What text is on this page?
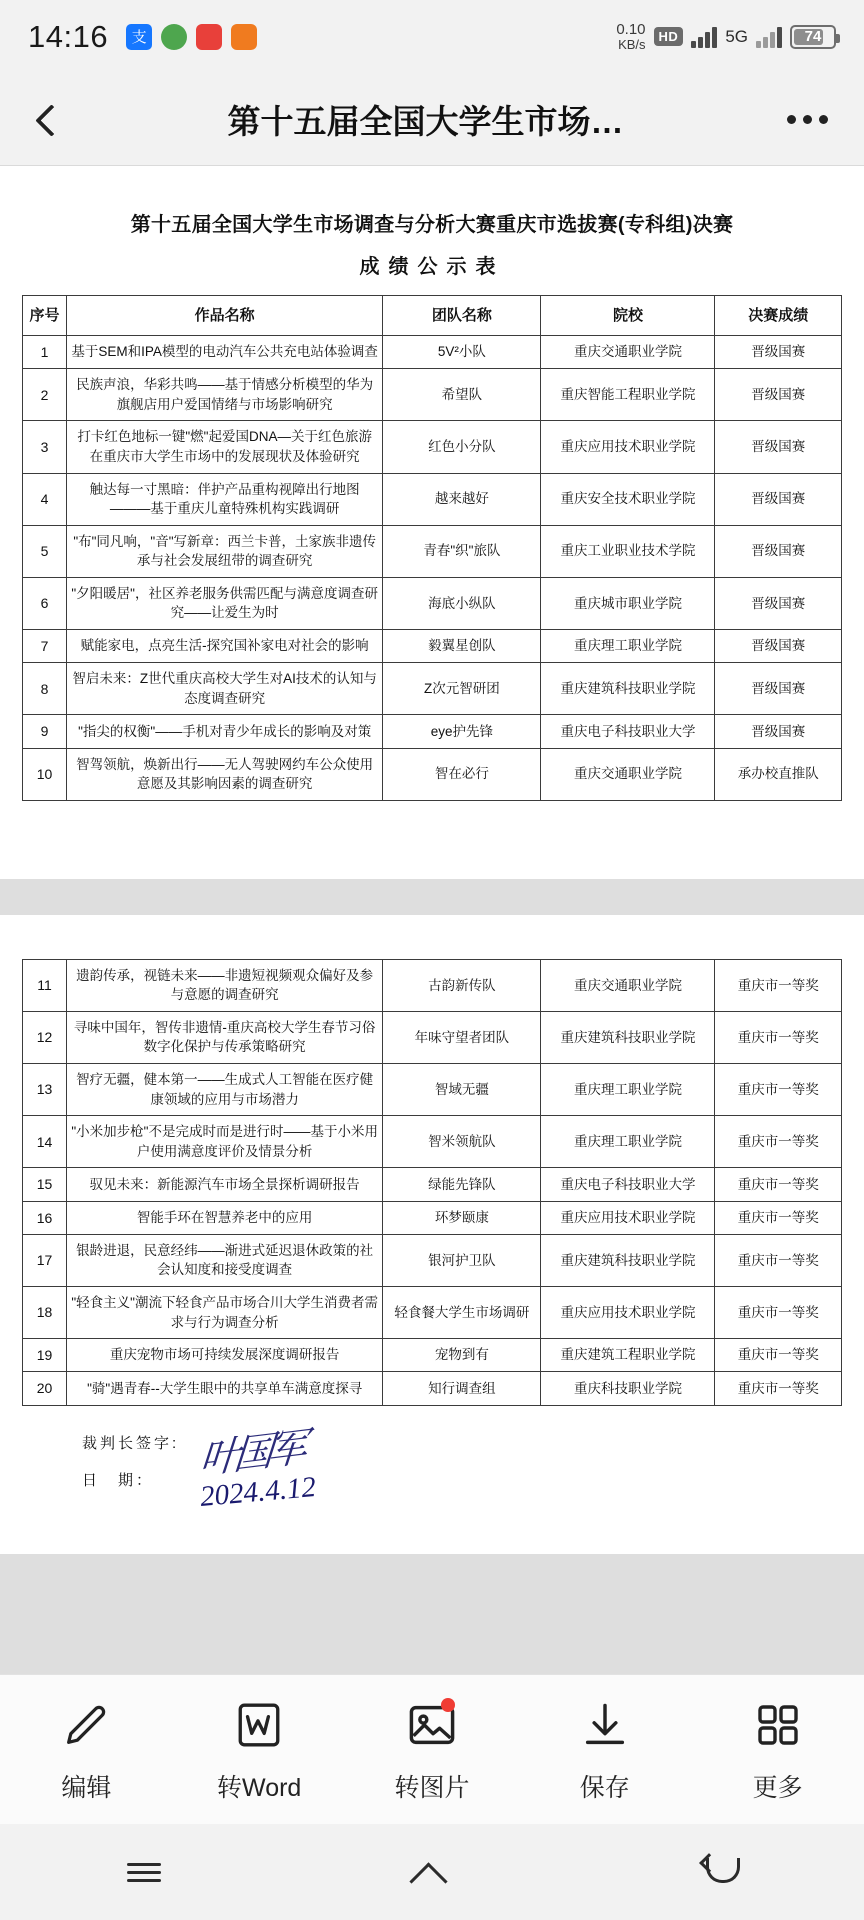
14:16	支	0.10
KB/s
HD	5G	74
第十五届全国大学生市场…
第十五届全国大学生市场调查与分析大赛重庆市选拔赛(专科组)决赛
成绩公示表
序号	作品名称	团队名称	院校	决赛成绩
1	基于SEM和IPA模型的电动汽车公共充电站体验调查	5V²小队	重庆交通职业学院	晋级国赛
2	民族声浪，华彩共鸣——基于情感分析模型的华为旗舰店用户爱国情绪与市场影响研究	希望队	重庆智能工程职业学院	晋级国赛
3	打卡红色地标一键"燃"起爱国DNA—关于红色旅游在重庆市大学生市场中的发展现状及体验研究	红色小分队	重庆应用技术职业学院	晋级国赛
4	触达每一寸黑暗：伴护产品重构视障出行地图———基于重庆儿童特殊机构实践调研	越来越好	重庆安全技术职业学院	晋级国赛
5	"布"同凡响，"音"写新章：西兰卡普，土家族非遗传承与社会发展纽带的调查研究	青春"织"旅队	重庆工业职业技术学院	晋级国赛
6	"夕阳暖居"，社区养老服务供需匹配与满意度调查研究——让爱生为时	海底小纵队	重庆城市职业学院	晋级国赛
7	赋能家电，点亮生活-探究国补家电对社会的影响	毅翼星创队	重庆理工职业学院	晋级国赛
8	智启未来：Z世代重庆高校大学生对AI技术的认知与态度调查研究	Z次元智研团	重庆建筑科技职业学院	晋级国赛
9	"指尖的权衡"——手机对青少年成长的影响及对策	eye护先锋	重庆电子科技职业大学	晋级国赛
10	智驾领航，焕新出行——无人驾驶网约车公众使用意愿及其影响因素的调查研究	智在必行	重庆交通职业学院	承办校直推队
11	遗韵传承，视链未来——非遗短视频观众偏好及参与意愿的调查研究	古韵新传队	重庆交通职业学院	重庆市一等奖
12	寻味中国年，智传非遗情-重庆高校大学生春节习俗数字化保护与传承策略研究	年味守望者团队	重庆建筑科技职业学院	重庆市一等奖
13	智疗无疆，健本第一——生成式人工智能在医疗健康领域的应用与市场潜力	智域无疆	重庆理工职业学院	重庆市一等奖
14	"小米加步枪"不是完成时而是进行时——基于小米用户使用满意度评价及情景分析	智米领航队	重庆理工职业学院	重庆市一等奖
15	驭见未来：新能源汽车市场全景探析调研报告	绿能先锋队	重庆电子科技职业大学	重庆市一等奖
16	智能手环在智慧养老中的应用	环梦颐康	重庆应用技术职业学院	重庆市一等奖
17	银龄进退，民意经纬——渐进式延迟退休政策的社会认知度和接受度调查	银河护卫队	重庆建筑科技职业学院	重庆市一等奖
18	"轻食主义"潮流下轻食产品市场合川大学生消费者需求与行为调查分析	轻食餐大学生市场调研	重庆应用技术职业学院	重庆市一等奖
19	重庆宠物市场可持续发展深度调研报告	宠物到有	重庆建筑工程职业学院	重庆市一等奖
20	"骑"遇青春--大学生眼中的共享单车满意度探寻	知行调查组	重庆科技职业学院	重庆市一等奖
裁判长签字:
日　期：	叶国军
2024.4.12
编辑	转Word	转图片	保存	更多
